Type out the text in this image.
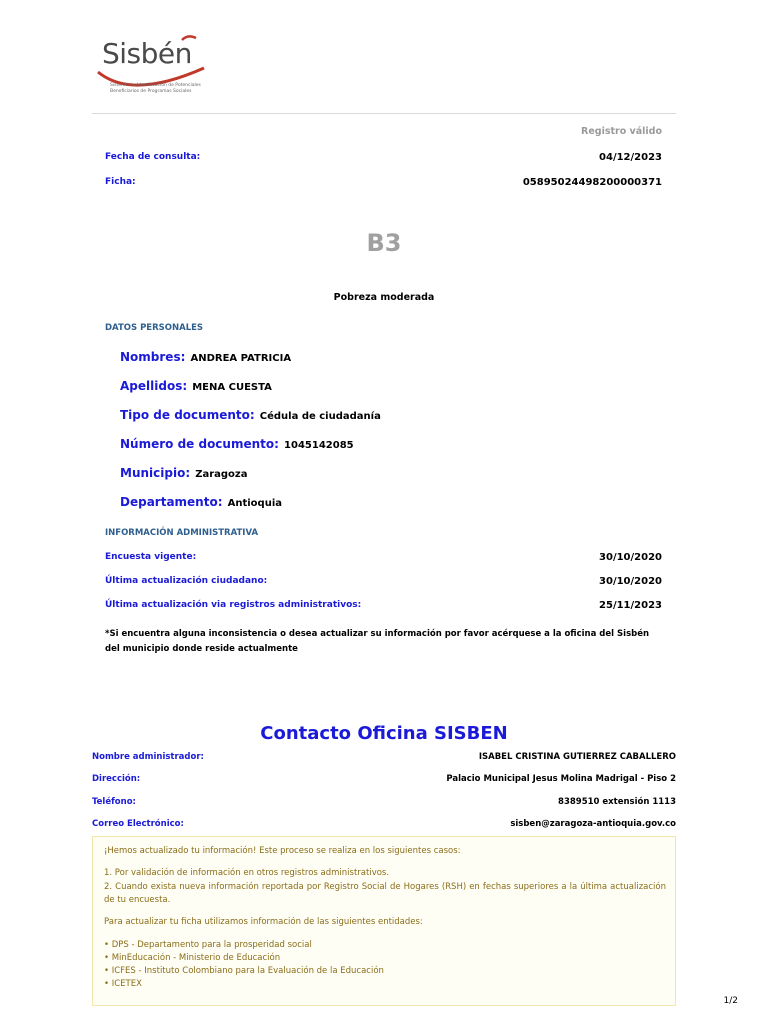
Sisbén
Sistema de Identificación de Potenciales Beneficiarios de Programas Sociales
Registro válido
Fecha de consulta:	04/12/2023
Ficha:	05895024498200000371
B3
Pobreza moderada
DATOS PERSONALES
Nombres: ANDREA PATRICIA
Apellidos: MENA CUESTA
Tipo de documento: Cédula de ciudadanía
Número de documento: 1045142085
Municipio: Zaragoza
Departamento: Antioquia
INFORMACIÓN ADMINISTRATIVA
Encuesta vigente:	30/10/2020
Última actualización ciudadano:	30/10/2020
Última actualización via registros administrativos:	25/11/2023
*Si encuentra alguna inconsistencia o desea actualizar su información por favor acérquese a la oficina del Sisbén del municipio donde reside actualmente
Contacto Oficina SISBEN
Nombre administrador:	ISABEL CRISTINA GUTIERREZ CABALLERO
Dirección:	Palacio Municipal Jesus Molina Madrigal - Piso 2
Teléfono:	8389510 extensión 1113
Correo Electrónico:	sisben@zaragoza-antioquia.gov.co
¡Hemos actualizado tu información! Este proceso se realiza en los siguientes casos:
1. Por validación de información en otros registros administrativos.
2. Cuando exista nueva información reportada por Registro Social de Hogares (RSH) en fechas superiores a la última actualización de tu encuesta.
Para actualizar tu ficha utilizamos información de las siguientes entidades:
• DPS - Departamento para la prosperidad social
• MinEducación - Ministerio de Educación
• ICFES - Instituto Colombiano para la Evaluación de la Educación
• ICETEX
1/2
